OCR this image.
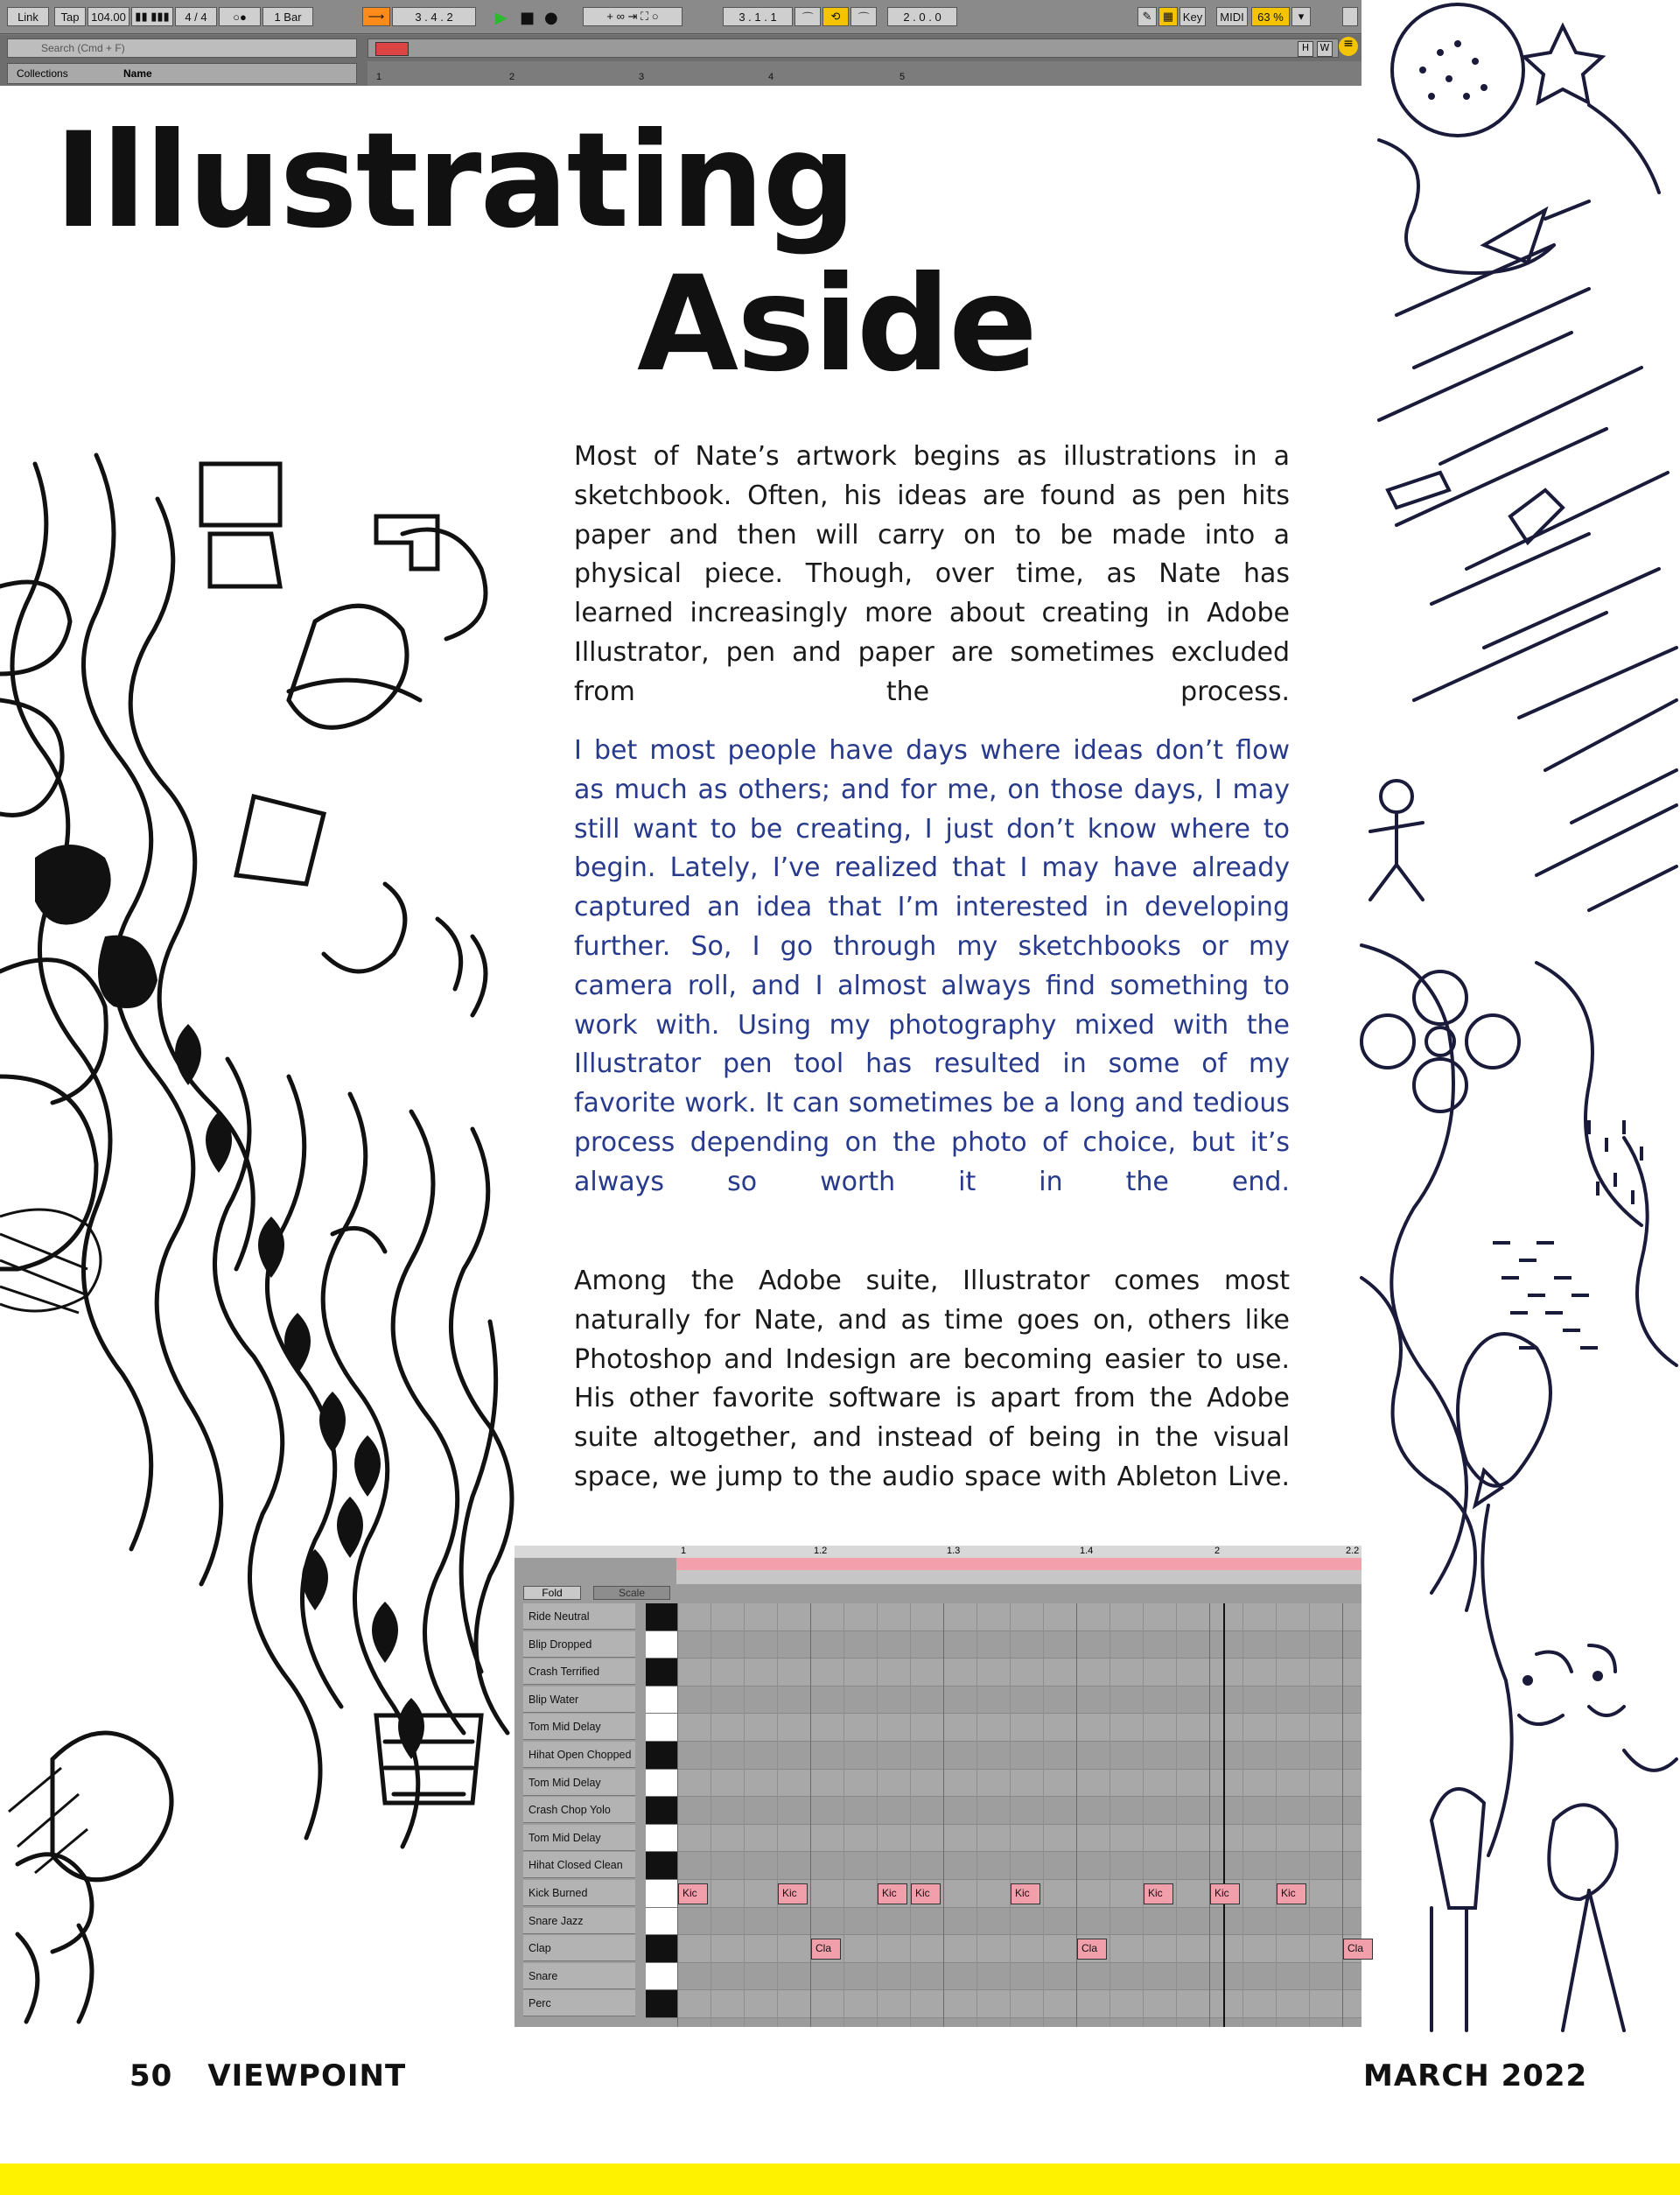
Link	Tap	104.00 ▮▮ ▮▮▮	4 / 4	○●	1 Bar	⟶	3 . 4 . 2	▶ ■ ●	+ ∞ ⇥ ⛶ ○	3 . 1 . 1	⌒	⟲	⌒	2 . 0 . 0	✎ ▦ Key	MIDI	63 %	▾
Search (Cmd + F)
Collections	Name
W
H	≡
1	2	3	4	5
Illustrating
Aside
Most of Nate’s artwork begins as illustrations in a sketchbook. Often, his ideas are found as pen hits paper and then will carry on to be made into a physical piece. Though, over time, as Nate has learned increasingly more about creating in Adobe Illustrator, pen and paper are sometimes excluded from the process.
I bet most people have days where ideas don’t flow as much as others; and for me, on those days, I may still want to be creating, I just don’t know where to begin. Lately, I’ve realized that I may have already captured an idea that I’m interested in developing further. So, I go through my sketchbooks or my camera roll, and I almost always find something to work with. Using my photography mixed with the Illustrator pen tool has resulted in some of my favorite work. It can sometimes be a long and tedious process depending on the photo of choice, but it’s always so worth it in the end.
Among the Adobe suite, Illustrator comes most naturally for Nate, and as time goes on, others like Photoshop and Indesign are becoming easier to use. His other favorite software is apart from the Adobe suite altogether, and instead of being in the visual space, we jump to the audio space with Ableton Live.
1	1.2	1.3	1.4	2	2.2
Fold	Scale
Ride Neutral
Blip Dropped
Crash Terrified
Blip Water
Tom Mid Delay
Hihat Open Chopped
Tom Mid Delay
Crash Chop Yolo
Tom Mid Delay
Hihat Closed Clean
Kick Burned
Snare Jazz
Clap
Snare
Perc
Kic	Kic	Kic	Kic	Kic	Kic	Kic	Kic
Cla	Cla	Cla
50 VIEWPOINT	MARCH 2022
